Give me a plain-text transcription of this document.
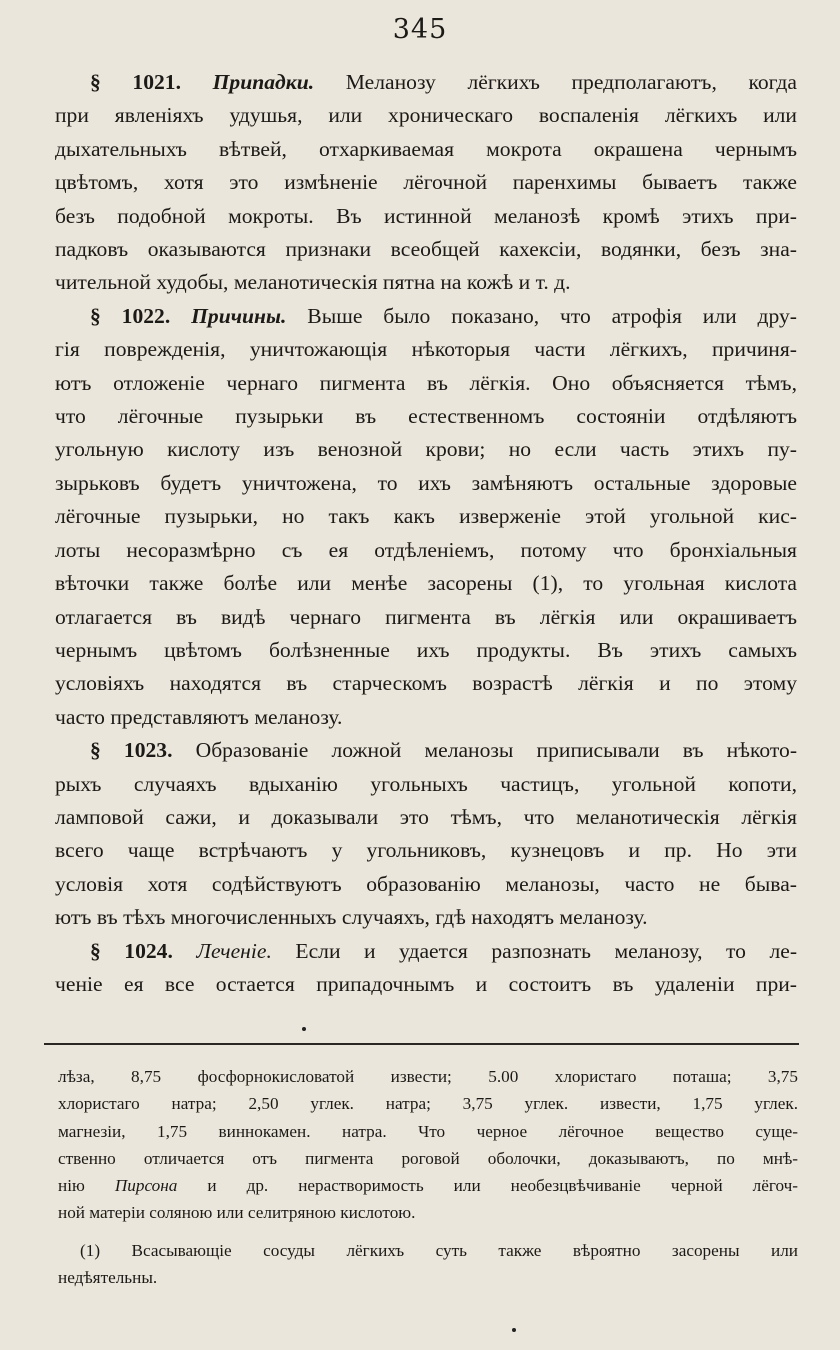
345
§ 1021. Припадки. Меланозу лёгкихъ предполагаютъ, когда
при явленіяхъ удушья, или хроническаго воспаленія лёгкихъ или
дыхательныхъ вѣтвей, отхаркиваемая мокрота окрашена чернымъ
цвѣтомъ, хотя это измѣненіе лёгочной паренхимы бываетъ также
безъ подобной мокроты. Въ истинной меланозѣ кромѣ этихъ при-
падковъ оказываются признаки всеобщей кахексіи, водянки, безъ зна-
чительной худобы, меланотическія пятна на кожѣ и т. д.
§ 1022. Причины. Выше было показано, что атрофія или дру-
гія поврежденія, уничтожающія нѣкоторыя части лёгкихъ, причиня-
ютъ отложеніе чернаго пигмента въ лёгкія. Оно объясняется тѣмъ,
что лёгочные пузырьки въ естественномъ состояніи отдѣляютъ
угольную кислоту изъ венозной крови; но если часть этихъ пу-
зырьковъ будетъ уничтожена, то ихъ замѣняютъ остальные здоровые
лёгочные пузырьки, но такъ какъ изверженіе этой угольной кис-
лоты несоразмѣрно съ ея отдѣленіемъ, потому что бронхіальныя
вѣточки также болѣе или менѣе засорены (1), то угольная кислота
отлагается въ видѣ чернаго пигмента въ лёгкія или окрашиваетъ
чернымъ цвѣтомъ болѣзненные ихъ продукты. Въ этихъ самыхъ
условіяхъ находятся въ старческомъ возрастѣ лёгкія и по этому
часто представляютъ меланозу.
§ 1023. Образованіе ложной меланозы приписывали въ нѣкото-
рыхъ случаяхъ вдыханію угольныхъ частицъ, угольной копоти,
ламповой сажи, и доказывали это тѣмъ, что меланотическія лёгкія
всего чаще встрѣчаютъ у угольниковъ, кузнецовъ и пр. Но эти
условія хотя содѣйствуютъ образованію меланозы, часто не быва-
ютъ въ тѣхъ многочисленныхъ случаяхъ, гдѣ находятъ меланозу.
§ 1024. Леченіе. Если и удается разпознать меланозу, то ле-
ченіе ея все остается припадочнымъ и состоитъ въ удаленіи при-
лѣза, 8,75 фосфорнокисловатой извести; 5.00 хлористаго поташа; 3,75
хлористаго натра; 2,50 углек. натра; 3,75 углек. извести, 1,75 углек.
магнезіи, 1,75 виннокамен. натра. Что черное лёгочное вещество суще-
ственно отличается отъ пигмента роговой оболочки, доказываютъ, по мнѣ-
нію Пирсона и др. нерастворимость или необезцвѣчиваніе черной лёгоч-
ной матеріи соляною или селитряною кислотою.
(1) Всасывающіе сосуды лёгкихъ суть также вѣроятно засорены или
недѣятельны.
